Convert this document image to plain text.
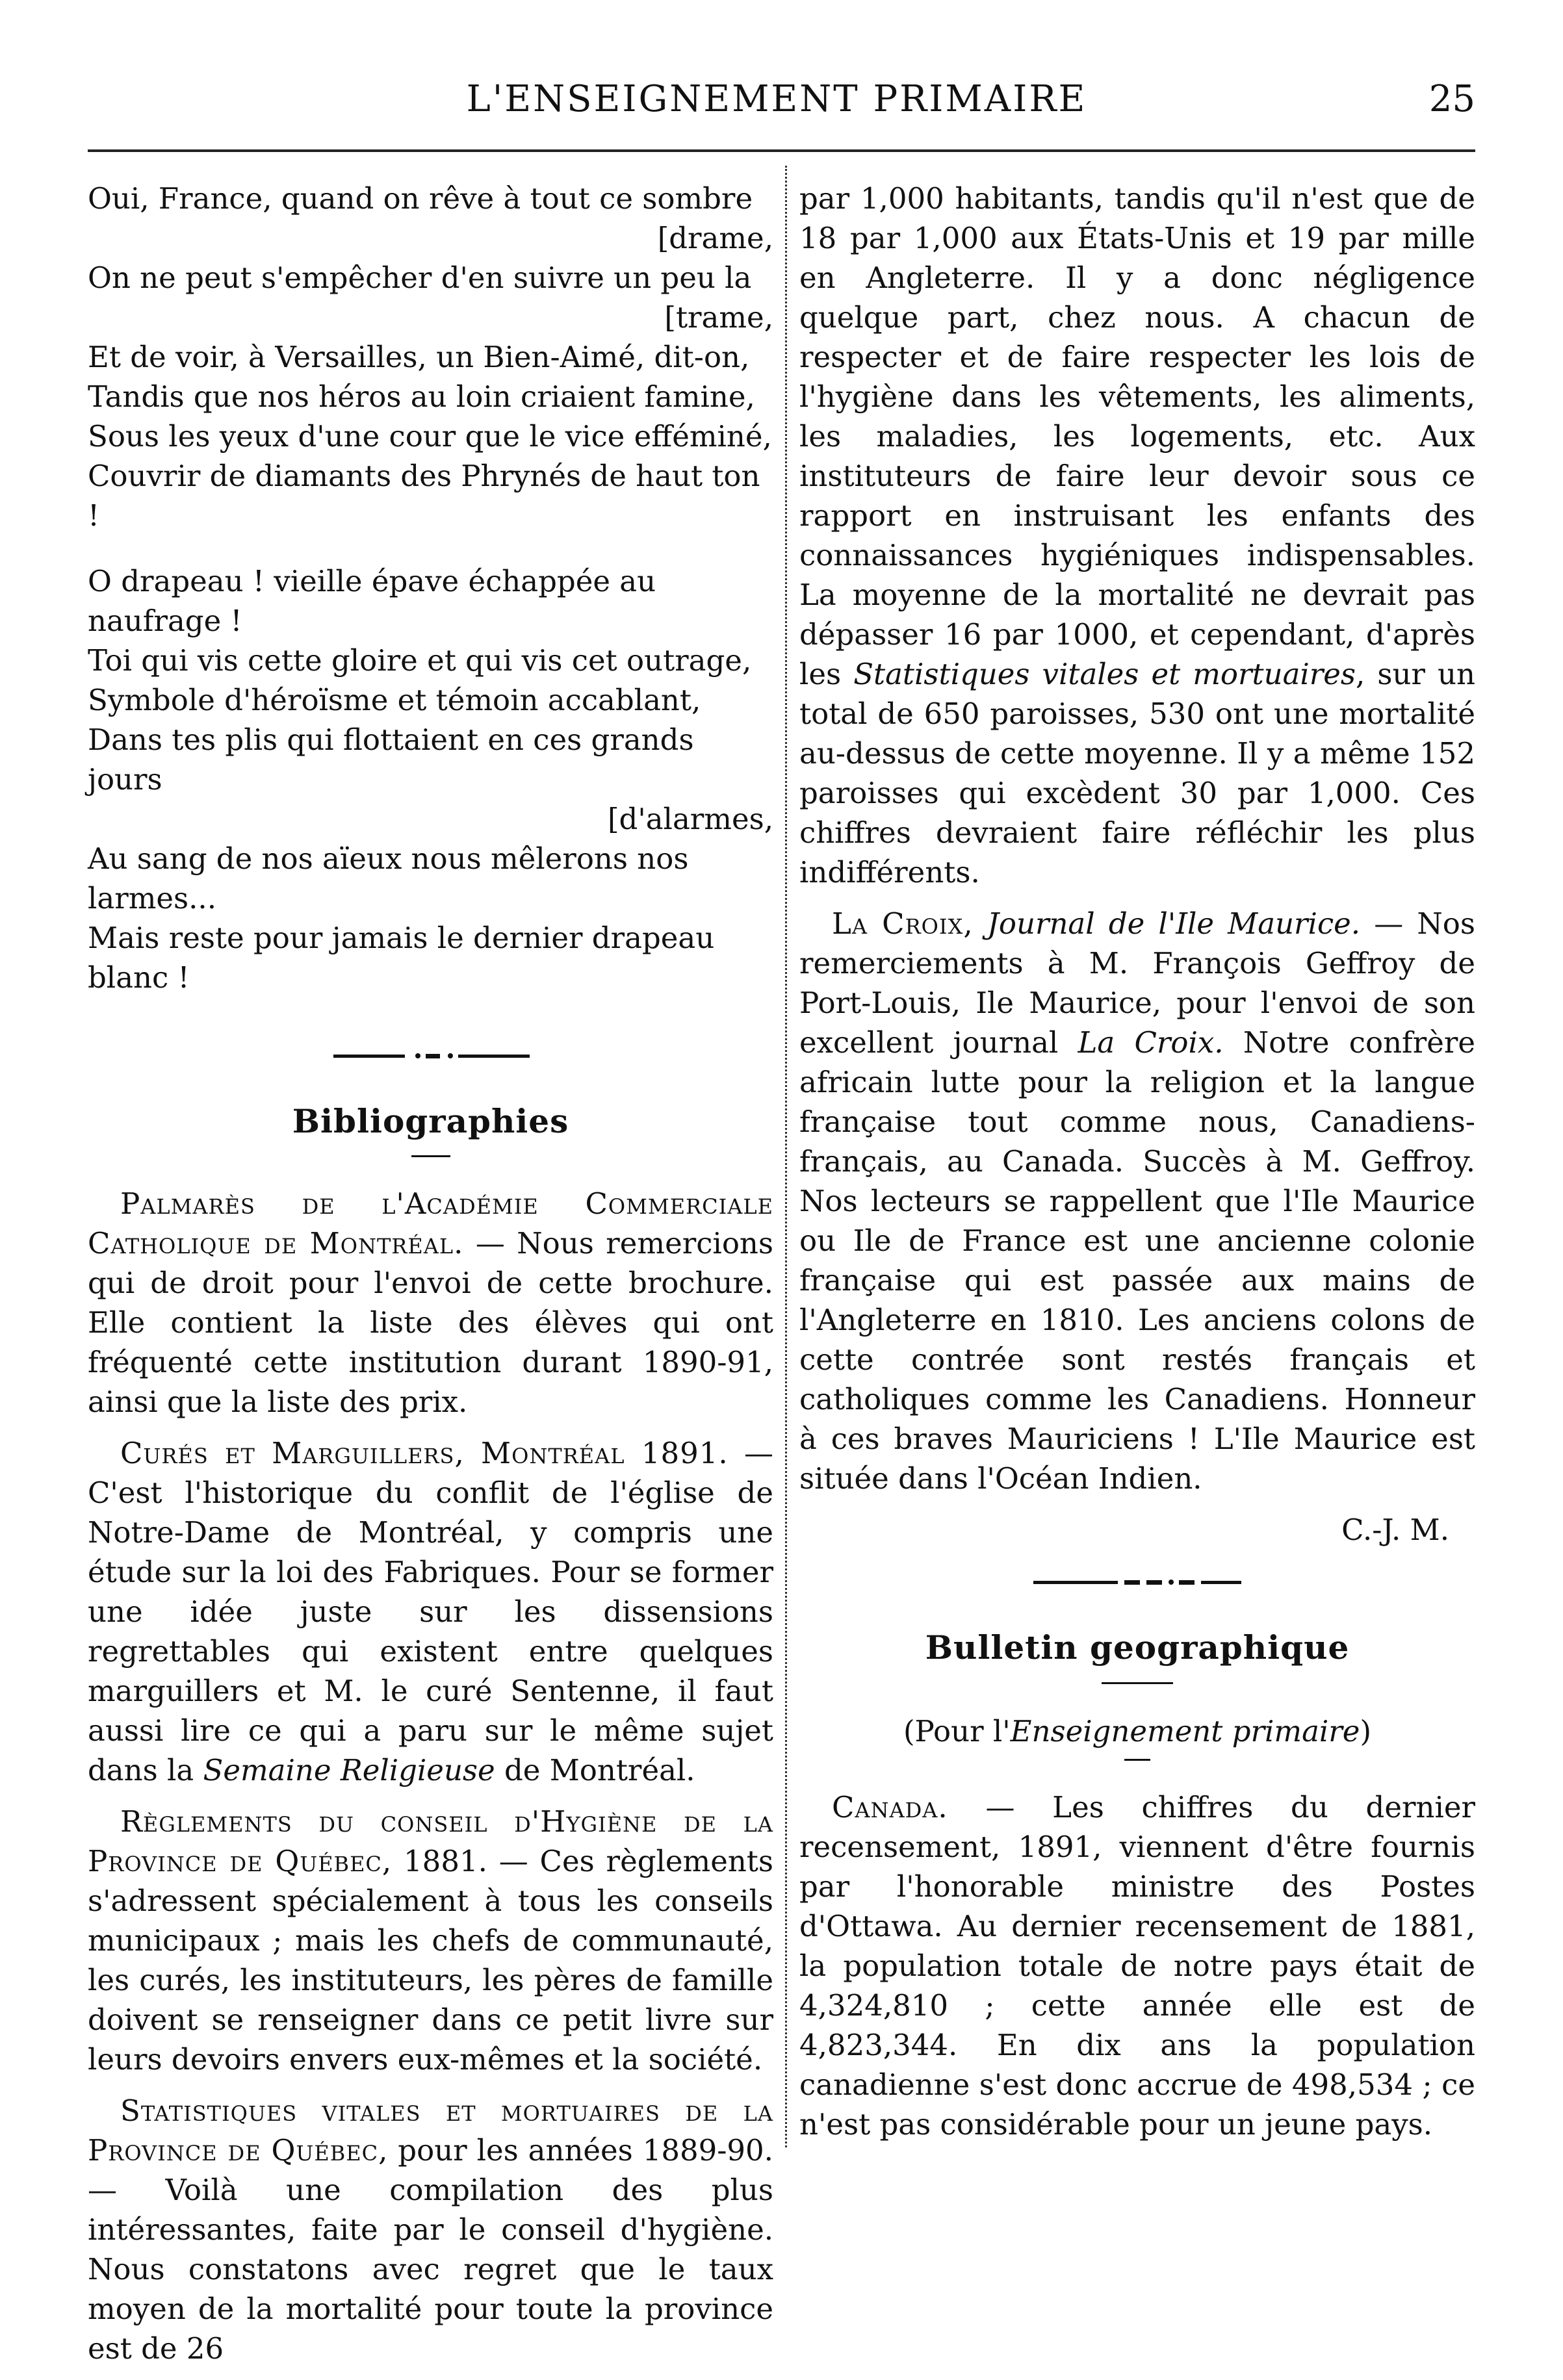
L'ENSEIGNEMENT PRIMAIRE	25
Oui, France, quand on rêve à tout ce sombre
[drame,
On ne peut s'empêcher d'en suivre un peu la
[trame,
Et de voir, à Versailles, un Bien-Aimé, dit-on,
Tandis que nos héros au loin criaient famine,
Sous les yeux d'une cour que le vice efféminé,
Couvrir de diamants des Phrynés de haut ton !
O drapeau ! vieille épave échappée au naufrage !
Toi qui vis cette gloire et qui vis cet outrage,
Symbole d'héroïsme et témoin accablant,
Dans tes plis qui flottaient en ces grands jours
[d'alarmes,
Au sang de nos aïeux nous mêlerons nos larmes...
Mais reste pour jamais le dernier drapeau blanc !
Bibliographies

Palmarès de l'Académie Commerciale Catholique de Montréal. — Nous remercions qui de droit pour l'envoi de cette brochure. Elle contient la liste des élèves qui ont fréquenté cette institution durant 1890-91, ainsi que la liste des prix.

Curés et Marguillers, Montréal 1891. — C'est l'historique du conflit de l'église de Notre-Dame de Montréal, y compris une étude sur la loi des Fabriques. Pour se former une idée juste sur les dissensions regrettables qui existent entre quelques marguillers et M. le curé Sentenne, il faut aussi lire ce qui a paru sur le même sujet dans la Semaine Religieuse de Montréal.

Règlements du conseil d'Hygiène de la Province de Québec, 1881. — Ces règlements s'adressent spécialement à tous les conseils municipaux ; mais les chefs de communauté, les curés, les instituteurs, les pères de famille doivent se renseigner dans ce petit livre sur leurs devoirs envers eux-mêmes et la société.

Statistiques vitales et mortuaires de la Province de Québec, pour les années 1889-90. — Voilà une compilation des plus intéressantes, faite par le conseil d'hygiène. Nous constatons avec regret que le taux moyen de la mortalité pour toute la province est de 26

par 1,000 habitants, tandis qu'il n'est que de 18 par 1,000 aux États-Unis et 19 par mille en Angleterre. Il y a donc négligence quelque part, chez nous. A chacun de respecter et de faire respecter les lois de l'hygiène dans les vêtements, les aliments, les maladies, les logements, etc. Aux instituteurs de faire leur devoir sous ce rapport en instruisant les enfants des connaissances hygiéniques indispensables. La moyenne de la mortalité ne devrait pas dépasser 16 par 1000, et cependant, d'après les Statistiques vitales et mortuaires, sur un total de 650 paroisses, 530 ont une mortalité au-dessus de cette moyenne. Il y a même 152 paroisses qui excèdent 30 par 1,000. Ces chiffres devraient faire réfléchir les plus indifférents.

La Croix, Journal de l'Ile Maurice. — Nos remerciements à M. François Geffroy de Port-Louis, Ile Maurice, pour l'envoi de son excellent journal La Croix. Notre confrère africain lutte pour la religion et la langue française tout comme nous, Canadiens-français, au Canada. Succès à M. Geffroy. Nos lecteurs se rappellent que l'Ile Maurice ou Ile de France est une ancienne colonie française qui est passée aux mains de l'Angleterre en 1810. Les anciens colons de cette contrée sont restés français et catholiques comme les Canadiens. Honneur à ces braves Mauriciens ! L'Ile Maurice est située dans l'Océan Indien.

C.-J. M.
Bulletin geographique

(Pour l'Enseignement primaire)

Canada. — Les chiffres du dernier recensement, 1891, viennent d'être fournis par l'honorable ministre des Postes d'Ottawa. Au dernier recensement de 1881, la population totale de notre pays était de 4,324,810 ; cette année elle est de 4,823,344. En dix ans la population canadienne s'est donc accrue de 498,534 ; ce n'est pas considérable pour un jeune pays.
